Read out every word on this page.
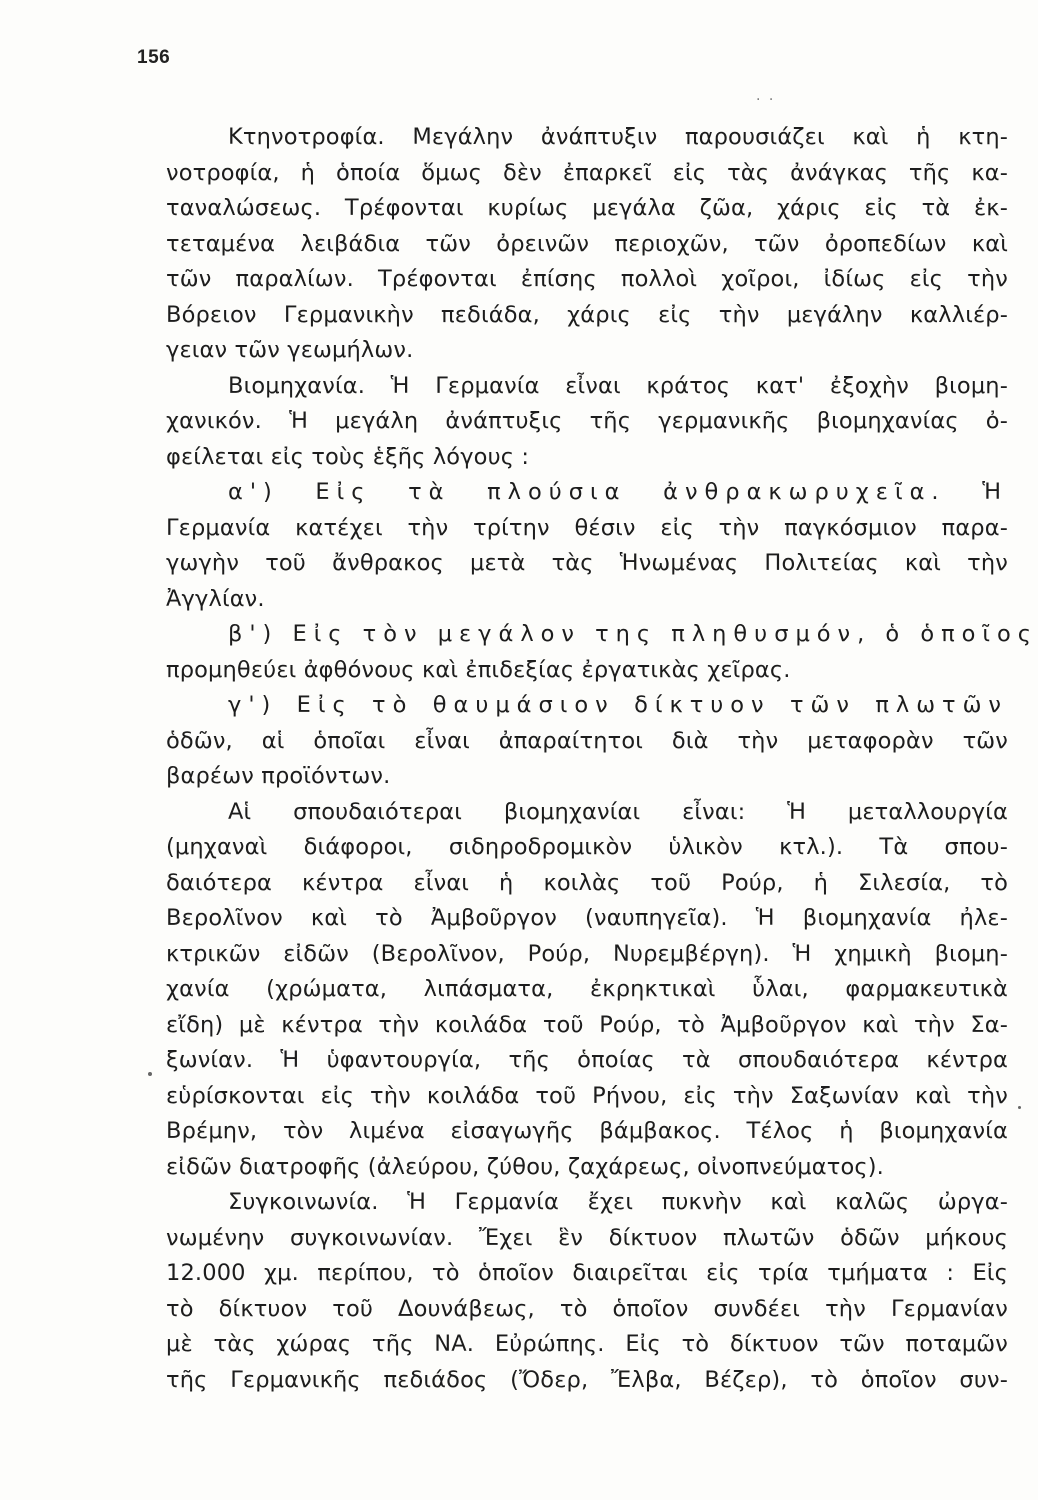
156
. .
Κτηνοτροφία. Μεγάλην ἀνάπτυξιν παρουσιάζει καὶ ἡ κτη-
νοτροφία, ἡ ὁποία ὅμως δὲν ἐπαρκεῖ εἰς τὰς ἀνάγκας τῆς κα-
ταναλώσεως. Τρέφονται κυρίως μεγάλα ζῶα, χάρις εἰς τὰ ἐκ-
τεταμένα λειβάδια τῶν ὀρεινῶν περιοχῶν, τῶν ὀροπεδίων καὶ
τῶν παραλίων. Τρέφονται ἐπίσης πολλοὶ χοῖροι, ἰδίως εἰς τὴν
Βόρειον Γερμανικὴν πεδιάδα, χάρις εἰς τὴν μεγάλην καλλιέρ-
γειαν τῶν γεωμήλων.
Βιομηχανία. Ἡ Γερμανία εἶναι κράτος κατ' ἐξοχὴν βιομη-
χανικόν. Ἡ μεγάλη ἀνάπτυξις τῆς γερμανικῆς βιομηχανίας ὀ-
φείλεται εἰς τοὺς ἑξῆς λόγους :
α') Εἰς τὰ πλούσια ἀνθρακωρυχεῖα. Ἡ
Γερμανία κατέχει τὴν τρίτην θέσιν εἰς τὴν παγκόσμιον παρα-
γωγὴν τοῦ ἄνθρακος μετὰ τὰς Ἡνωμένας Πολιτείας καὶ τὴν
Ἀγγλίαν.
β') Εἰς τὸν μεγάλον της πληθυσμόν, ὁ ὁποῖος
προμηθεύει ἀφθόνους καὶ ἐπιδεξίας ἐργατικὰς χεῖρας.
γ') Εἰς τὸ θαυμάσιον δίκτυον τῶν πλωτῶν
ὁδῶν, αἱ ὁποῖαι εἶναι ἀπαραίτητοι διὰ τὴν μεταφορὰν τῶν
βαρέων προϊόντων.
Αἱ σπουδαιότεραι βιομηχανίαι εἶναι: Ἡ μεταλλουργία
(μηχαναὶ διάφοροι, σιδηροδρομικὸν ὑλικὸν κτλ.). Τὰ σπου-
δαιότερα κέντρα εἶναι ἡ κοιλὰς τοῦ Ρούρ, ἡ Σιλεσία, τὸ
Βερολῖνον καὶ τὸ Ἀμβοῦργον (ναυπηγεῖα). Ἡ βιομηχανία ἠλε-
κτρικῶν εἰδῶν (Βερολῖνον, Ρούρ, Νυρεμβέργη). Ἡ χημικὴ βιομη-
χανία (χρώματα, λιπάσματα, ἐκρηκτικαὶ ὗλαι, φαρμακευτικὰ
εἴδη) μὲ κέντρα τὴν κοιλάδα τοῦ Ρούρ, τὸ Ἀμβοῦργον καὶ τὴν Σα-
ξωνίαν. Ἡ ὑφαντουργία, τῆς ὁποίας τὰ σπουδαιότερα κέντρα
εὑρίσκονται εἰς τὴν κοιλάδα τοῦ Ρήνου, εἰς τὴν Σαξωνίαν καὶ τὴν
Βρέμην, τὸν λιμένα εἰσαγωγῆς βάμβακος. Τέλος ἡ βιομηχανία
εἰδῶν διατροφῆς (ἀλεύρου, ζύθου, ζαχάρεως, οἰνοπνεύματος).
Συγκοινωνία. Ἡ Γερμανία ἔχει πυκνὴν καὶ καλῶς ὠργα-
νωμένην συγκοινωνίαν. Ἔχει ἓν δίκτυον πλωτῶν ὁδῶν μήκους
12.000 χμ. περίπου, τὸ ὁποῖον διαιρεῖται εἰς τρία τμήματα : Εἰς
τὸ δίκτυον τοῦ Δουνάβεως, τὸ ὁποῖον συνδέει τὴν Γερμανίαν
μὲ τὰς χώρας τῆς ΝΑ. Εὐρώπης. Εἰς τὸ δίκτυον τῶν ποταμῶν
τῆς Γερμανικῆς πεδιάδος (Ὄδερ, Ἔλβα, Βέζερ), τὸ ὁποῖον συν-
